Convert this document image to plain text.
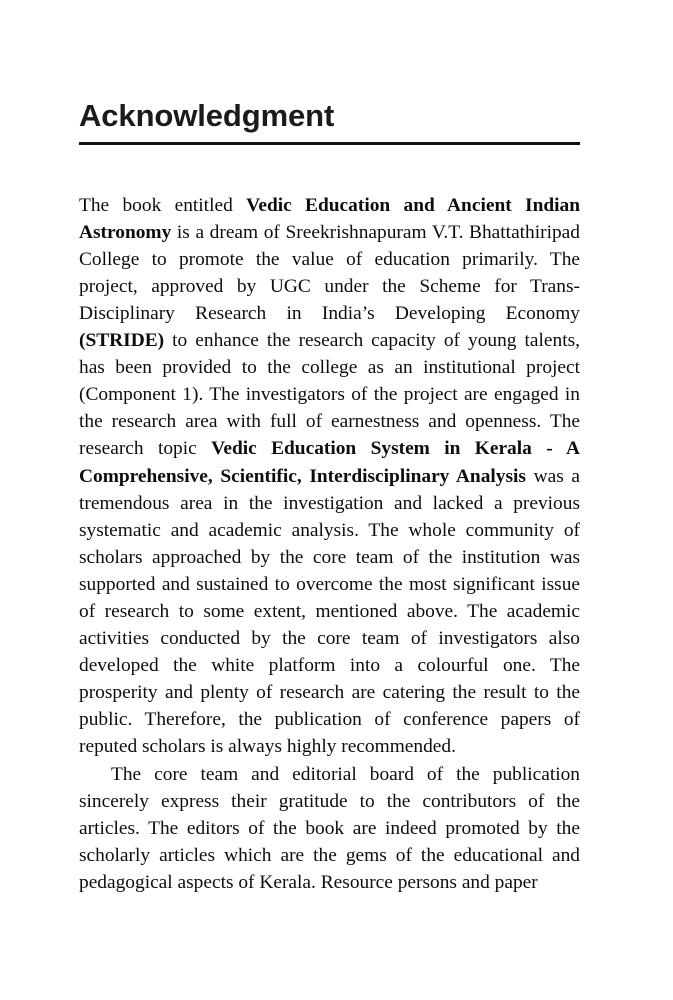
Acknowledgment

The book entitled Vedic Education and Ancient Indian Astronomy is a dream of Sreekrishnapuram V.T. Bhattathiripad College to promote the value of education primarily. The project, approved by UGC under the Scheme for Trans-Disciplinary Research in India’s Developing Economy (STRIDE) to enhance the research capacity of young talents, has been provided to the college as an institutional project (Component 1). The investigators of the project are engaged in the research area with full of earnestness and openness. The research topic Vedic Education System in Kerala - A Comprehensive, Scientific, Interdisciplinary Analysis was a tremendous area in the investigation and lacked a previous systematic and academic analysis. The whole community of scholars approached by the core team of the institution was supported and sustained to overcome the most significant issue of research to some extent, mentioned above. The academic activities conducted by the core team of investigators also developed the white platform into a colourful one. The prosperity and plenty of research are catering the result to the public. Therefore, the publication of conference papers of reputed scholars is always highly recommended.

The core team and editorial board of the publication sincerely express their gratitude to the contributors of the articles. The editors of the book are indeed promoted by the scholarly articles which are the gems of the educational and pedagogical aspects of Kerala. Resource persons and paper
